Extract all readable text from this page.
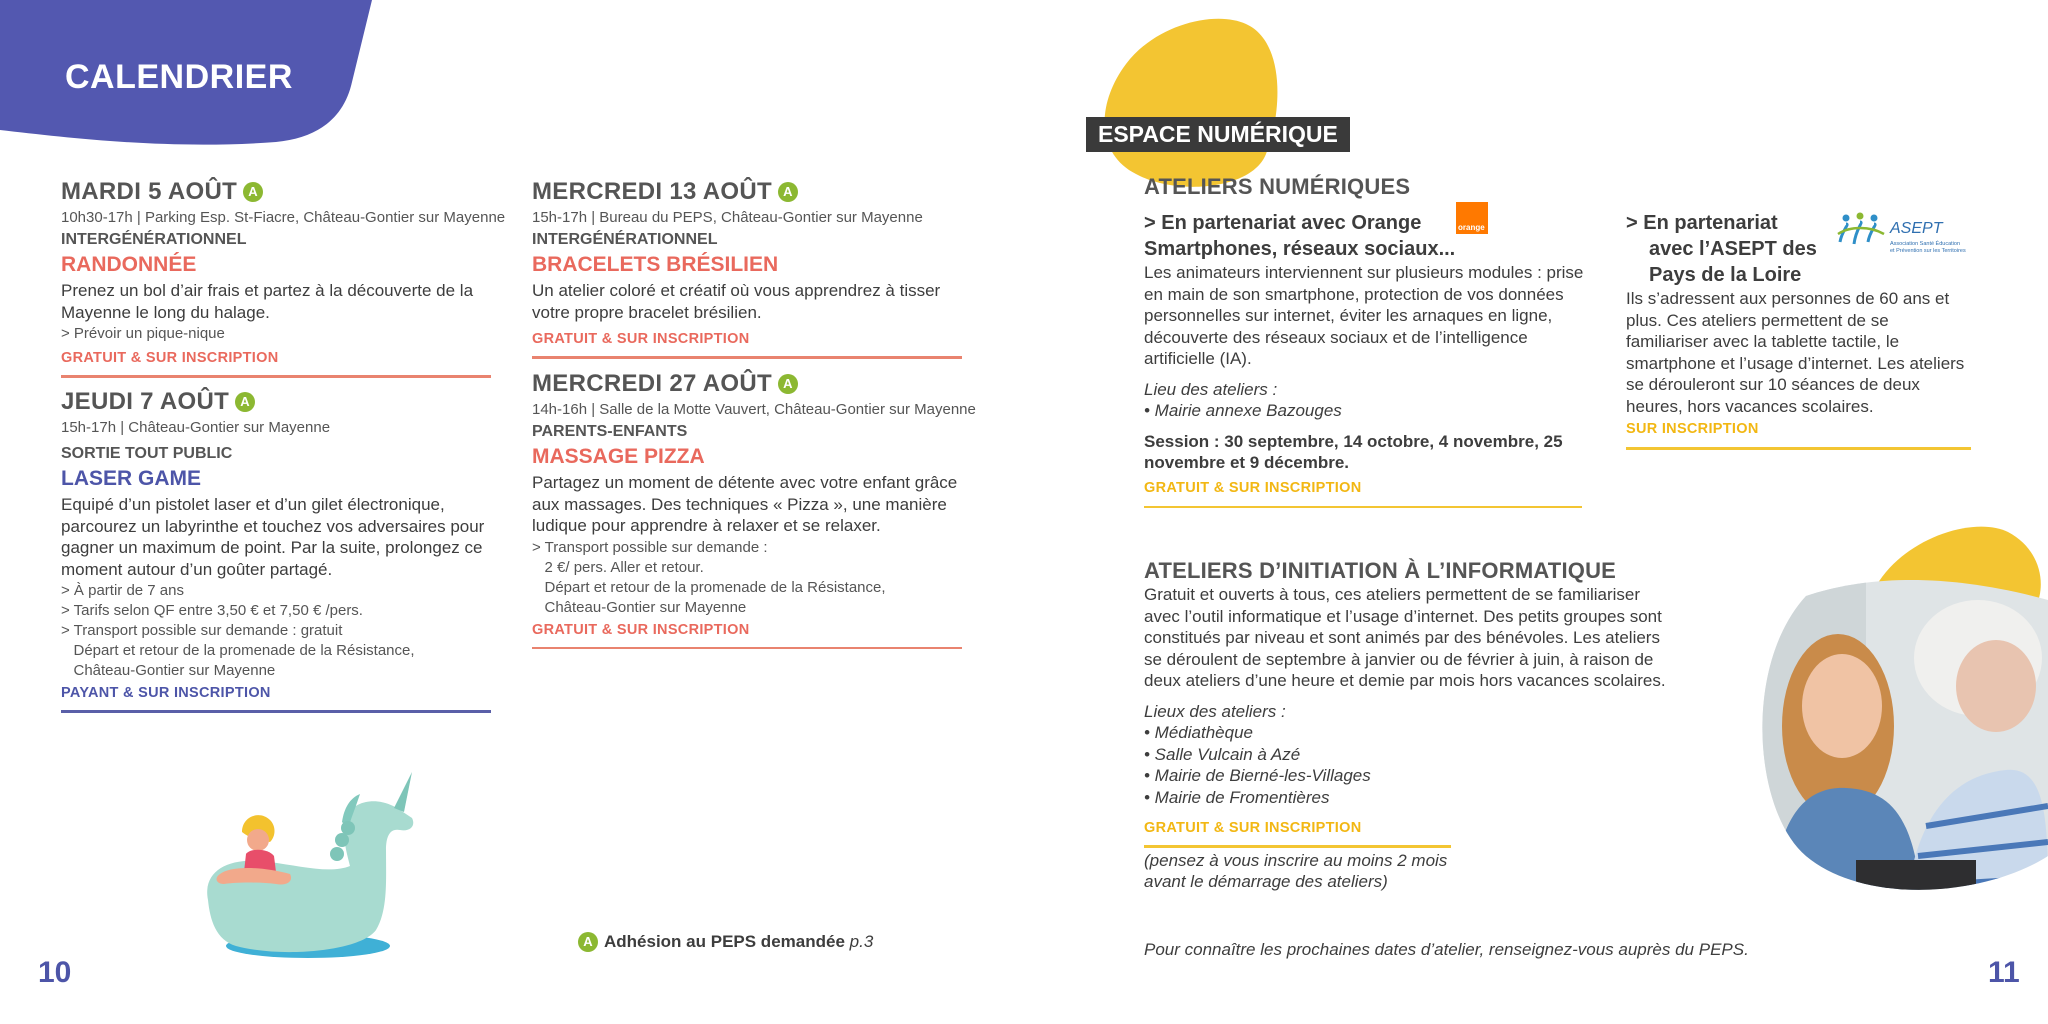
CALENDRIER
MARDI 5 AOÛT A
10h30-17h | Parking Esp. St-Fiacre, Château-Gontier sur Mayenne
INTERGÉNÉRATIONNEL
RANDONNÉE
Prenez un bol d’air frais et partez à la découverte de la Mayenne le long du halage.
> Prévoir un pique-nique
GRATUIT & SUR INSCRIPTION
JEUDI 7 AOÛT A
15h-17h | Château-Gontier sur Mayenne
SORTIE TOUT PUBLIC
LASER GAME
Equipé d’un pistolet laser et d’un gilet électronique, parcourez un labyrinthe et touchez vos adversaires pour gagner un maximum de point. Par la suite, prolongez ce moment autour d’un goûter partagé.
> À partir de 7 ans
> Tarifs selon QF entre 3,50 € et 7,50 € /pers.
> Transport possible sur demande : gratuit
Départ et retour de la promenade de la Résistance,
Château-Gontier sur Mayenne
PAYANT & SUR INSCRIPTION
MERCREDI 13 AOÛT A
15h-17h | Bureau du PEPS, Château-Gontier sur Mayenne
INTERGÉNÉRATIONNEL
BRACELETS BRÉSILIEN
Un atelier coloré et créatif où vous apprendrez à tisser votre propre bracelet brésilien.
GRATUIT & SUR INSCRIPTION
MERCREDI 27 AOÛT A
14h-16h | Salle de la Motte Vauvert, Château-Gontier sur Mayenne
PARENTS-ENFANTS
MASSAGE PIZZA
Partagez un moment de détente avec votre enfant grâce aux massages. Des techniques « Pizza », une manière ludique pour apprendre à relaxer et se relaxer.
> Transport possible sur demande :
2 €/ pers. Aller et retour.
Départ et retour de la promenade de la Résistance,
Château-Gontier sur Mayenne
GRATUIT & SUR INSCRIPTION
A Adhésion au PEPS demandée p.3
10
ESPACE NUMÉRIQUE
ATELIERS NUMÉRIQUES
> En partenariat avec Orange
Smartphones, réseaux sociaux...
Les animateurs interviennent sur plusieurs modules : prise en main de son smartphone, protection de vos données personnelles sur internet, éviter les arnaques en ligne, découverte des réseaux sociaux et de l’intelligence artificielle (IA).
Lieu des ateliers :
• Mairie annexe Bazouges
Session : 30 septembre, 14 octobre, 4 novembre, 25 novembre et 9 décembre.
GRATUIT & SUR INSCRIPTION
orange	> En partenariat
avec l’ASEPT des
Pays de la Loire
Ils s’adressent aux personnes de 60 ans et plus. Ces ateliers permettent de se familiariser avec la tablette tactile, le smartphone et l’usage d’internet. Les ateliers se dérouleront sur 10 séances de deux heures, hors vacances scolaires.
SUR INSCRIPTION
ASEPT
Association Santé Éducation
et Prévention sur les Territoires
ATELIERS D’INITIATION À L’INFORMATIQUE
Gratuit et ouverts à tous, ces ateliers permettent de se familiariser avec l’outil informatique et l’usage d’internet. Des petits groupes sont constitués par niveau et sont animés par des bénévoles. Les ateliers se déroulent de septembre à janvier ou de février à juin, à raison de deux ateliers d’une heure et demie par mois hors vacances scolaires.
Lieux des ateliers :
• Médiathèque
• Salle Vulcain à Azé
• Mairie de Bierné-les-Villages
• Mairie de Fromentières
GRATUIT & SUR INSCRIPTION
(pensez à vous inscrire au moins 2 mois avant le démarrage des ateliers)
Pour connaître les prochaines dates d’atelier, renseignez-vous auprès du PEPS.
11
